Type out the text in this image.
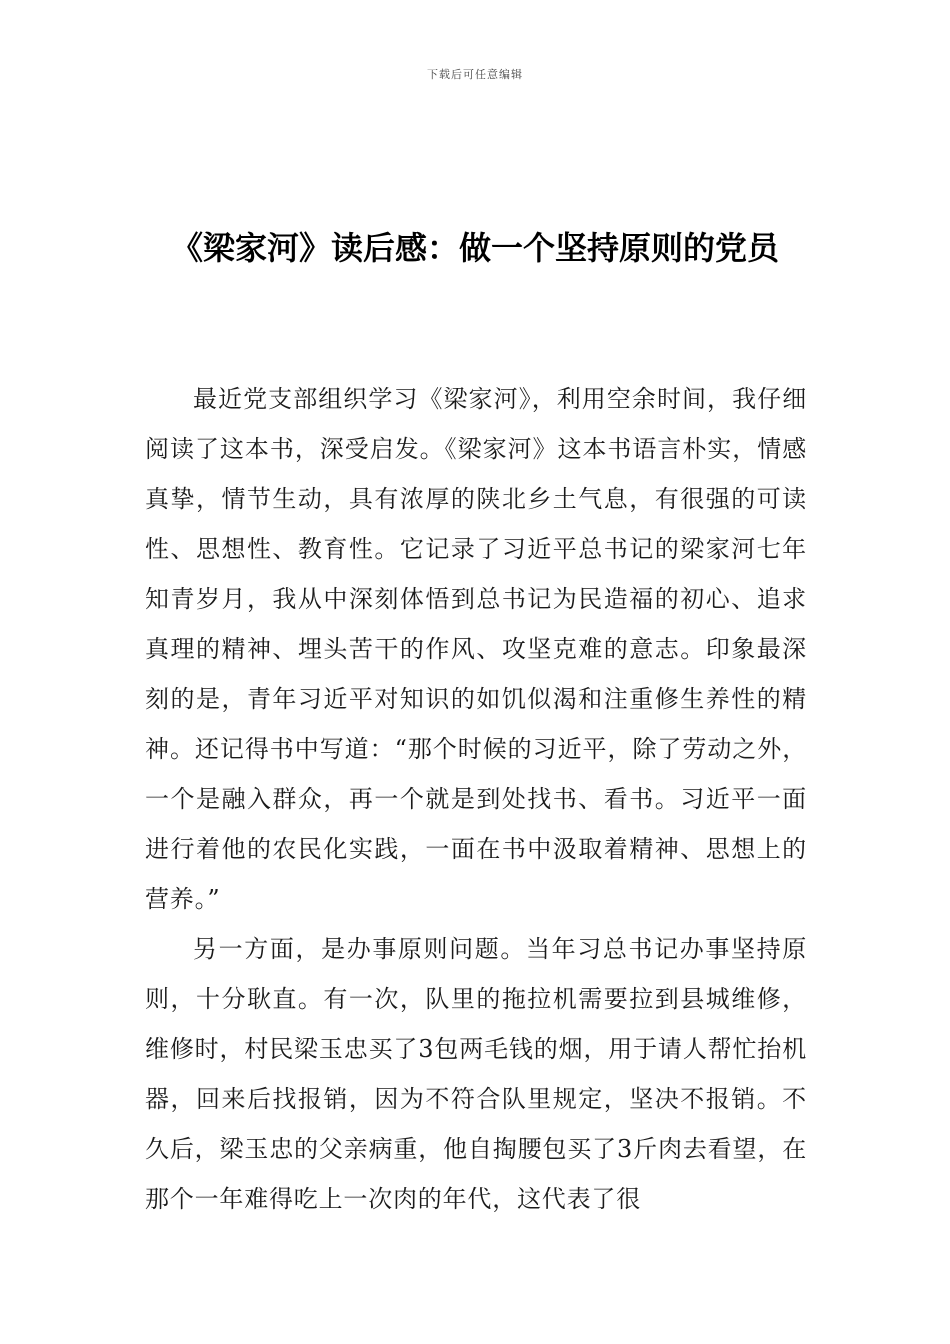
下载后可任意编辑
《梁家河》读后感：做一个坚持原则的党员

最近党支部组织学习《梁家河》，利用空余时间，我仔细阅读了这本书，深受启发。《梁家河》这本书语言朴实，情感真挚，情节生动，具有浓厚的陕北乡土气息，有很强的可读性、思想性、教育性。它记录了习近平总书记的梁家河七年知青岁月，我从中深刻体悟到总书记为民造福的初心、追求真理的精神、埋头苦干的作风、攻坚克难的意志。印象最深刻的是，青年习近平对知识的如饥似渴和注重修生养性的精神。还记得书中写道：“那个时候的习近平，除了劳动之外，一个是融入群众，再一个就是到处找书、看书。习近平一面进行着他的农民化实践，一面在书中汲取着精神、思想上的营养。”

另一方面，是办事原则问题。当年习总书记办事坚持原则，十分耿直。有一次，队里的拖拉机需要拉到县城维修，维修时，村民梁玉忠买了3包两毛钱的烟，用于请人帮忙抬机器，回来后找报销，因为不符合队里规定，坚决不报销。不久后，梁玉忠的父亲病重，他自掏腰包买了3斤肉去看望，在那个一年难得吃上一次肉的年代，这代表了很
